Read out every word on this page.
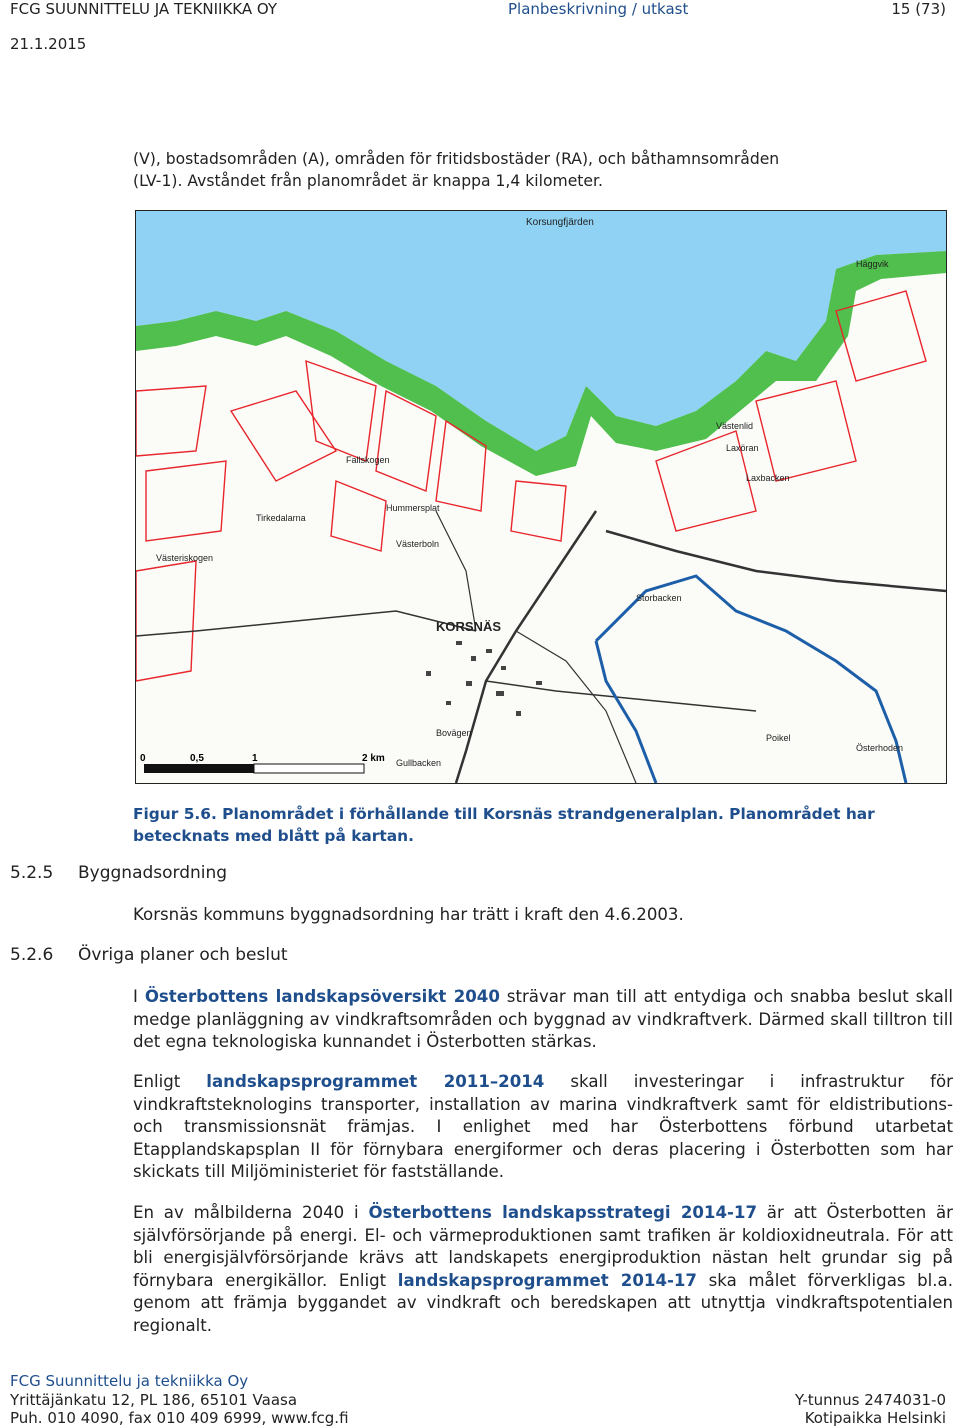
FCG SUUNNITTELU JA TEKNIIKKA OY
21.1.2015
Planbeskrivning / utkast	15 (73)

(V), bostadsområden (A), områden för fritidsbostäder (RA), och båthamnsområden
(LV-1). Avståndet från planområdet är knappa 1,4 kilometer.

KORSNÄS
Korsungfjärden
Västerboln
Häggvik
Österhoden
Poikel
Tirkedalarna
Västeriskogen
Västenlid
Laxöran
Laxbacken
Hummersplat
Bovägen
Gullbacken
Fallskogen
Storbacken
0	0,5	1	2 km

Figur 5.6. Planområdet i förhållande till Korsnäs strandgeneralplan. Planområdet har
betecknats med blått på kartan.

5.2.5 Byggnadsordning

Korsnäs kommuns byggnadsordning har trätt i kraft den 4.6.2003.

5.2.6 Övriga planer och beslut

I Österbottens landskapsöversikt 2040 strävar man till att entydiga och snabba beslut skall medge planläggning av vindkraftsområden och byggnad av vindkraftverk. Därmed skall tilltron till det egna teknologiska kunnandet i Österbotten stärkas.

Enligt landskapsprogrammet 2011–2014 skall investeringar i infrastruktur för vindkraftsteknologins transporter, installation av marina vindkraftverk samt för eldistributions- och transmissionsnät främjas. I enlighet med har Österbottens förbund utarbetat Etapplandskapsplan II för förnybara energiformer och deras placering i Österbotten som har skickats till Miljöministeriet för fastställande.

En av målbilderna 2040 i Österbottens landskapsstrategi 2014-17 är att Österbotten är självförsörjande på energi. El- och värmeproduktionen samt trafiken är koldioxidneutrala. För att bli energisjälvförsörjande krävs att landskapets energiproduktion nästan helt grundar sig på förnybara energikällor. Enligt landskapsprogrammet 2014-17 ska målet förverkligas bl.a. genom att främja byggandet av vindkraft och beredskapen att utnyttja vindkraftspotentialen regionalt.

FCG Suunnittelu ja tekniikka Oy
Yrittäjänkatu 12, PL 186, 65101 Vaasa	Y-tunnus 2474031-0
Puh. 010 4090, fax 010 409 6999, www.fcg.fi	Kotipaikka Helsinki
